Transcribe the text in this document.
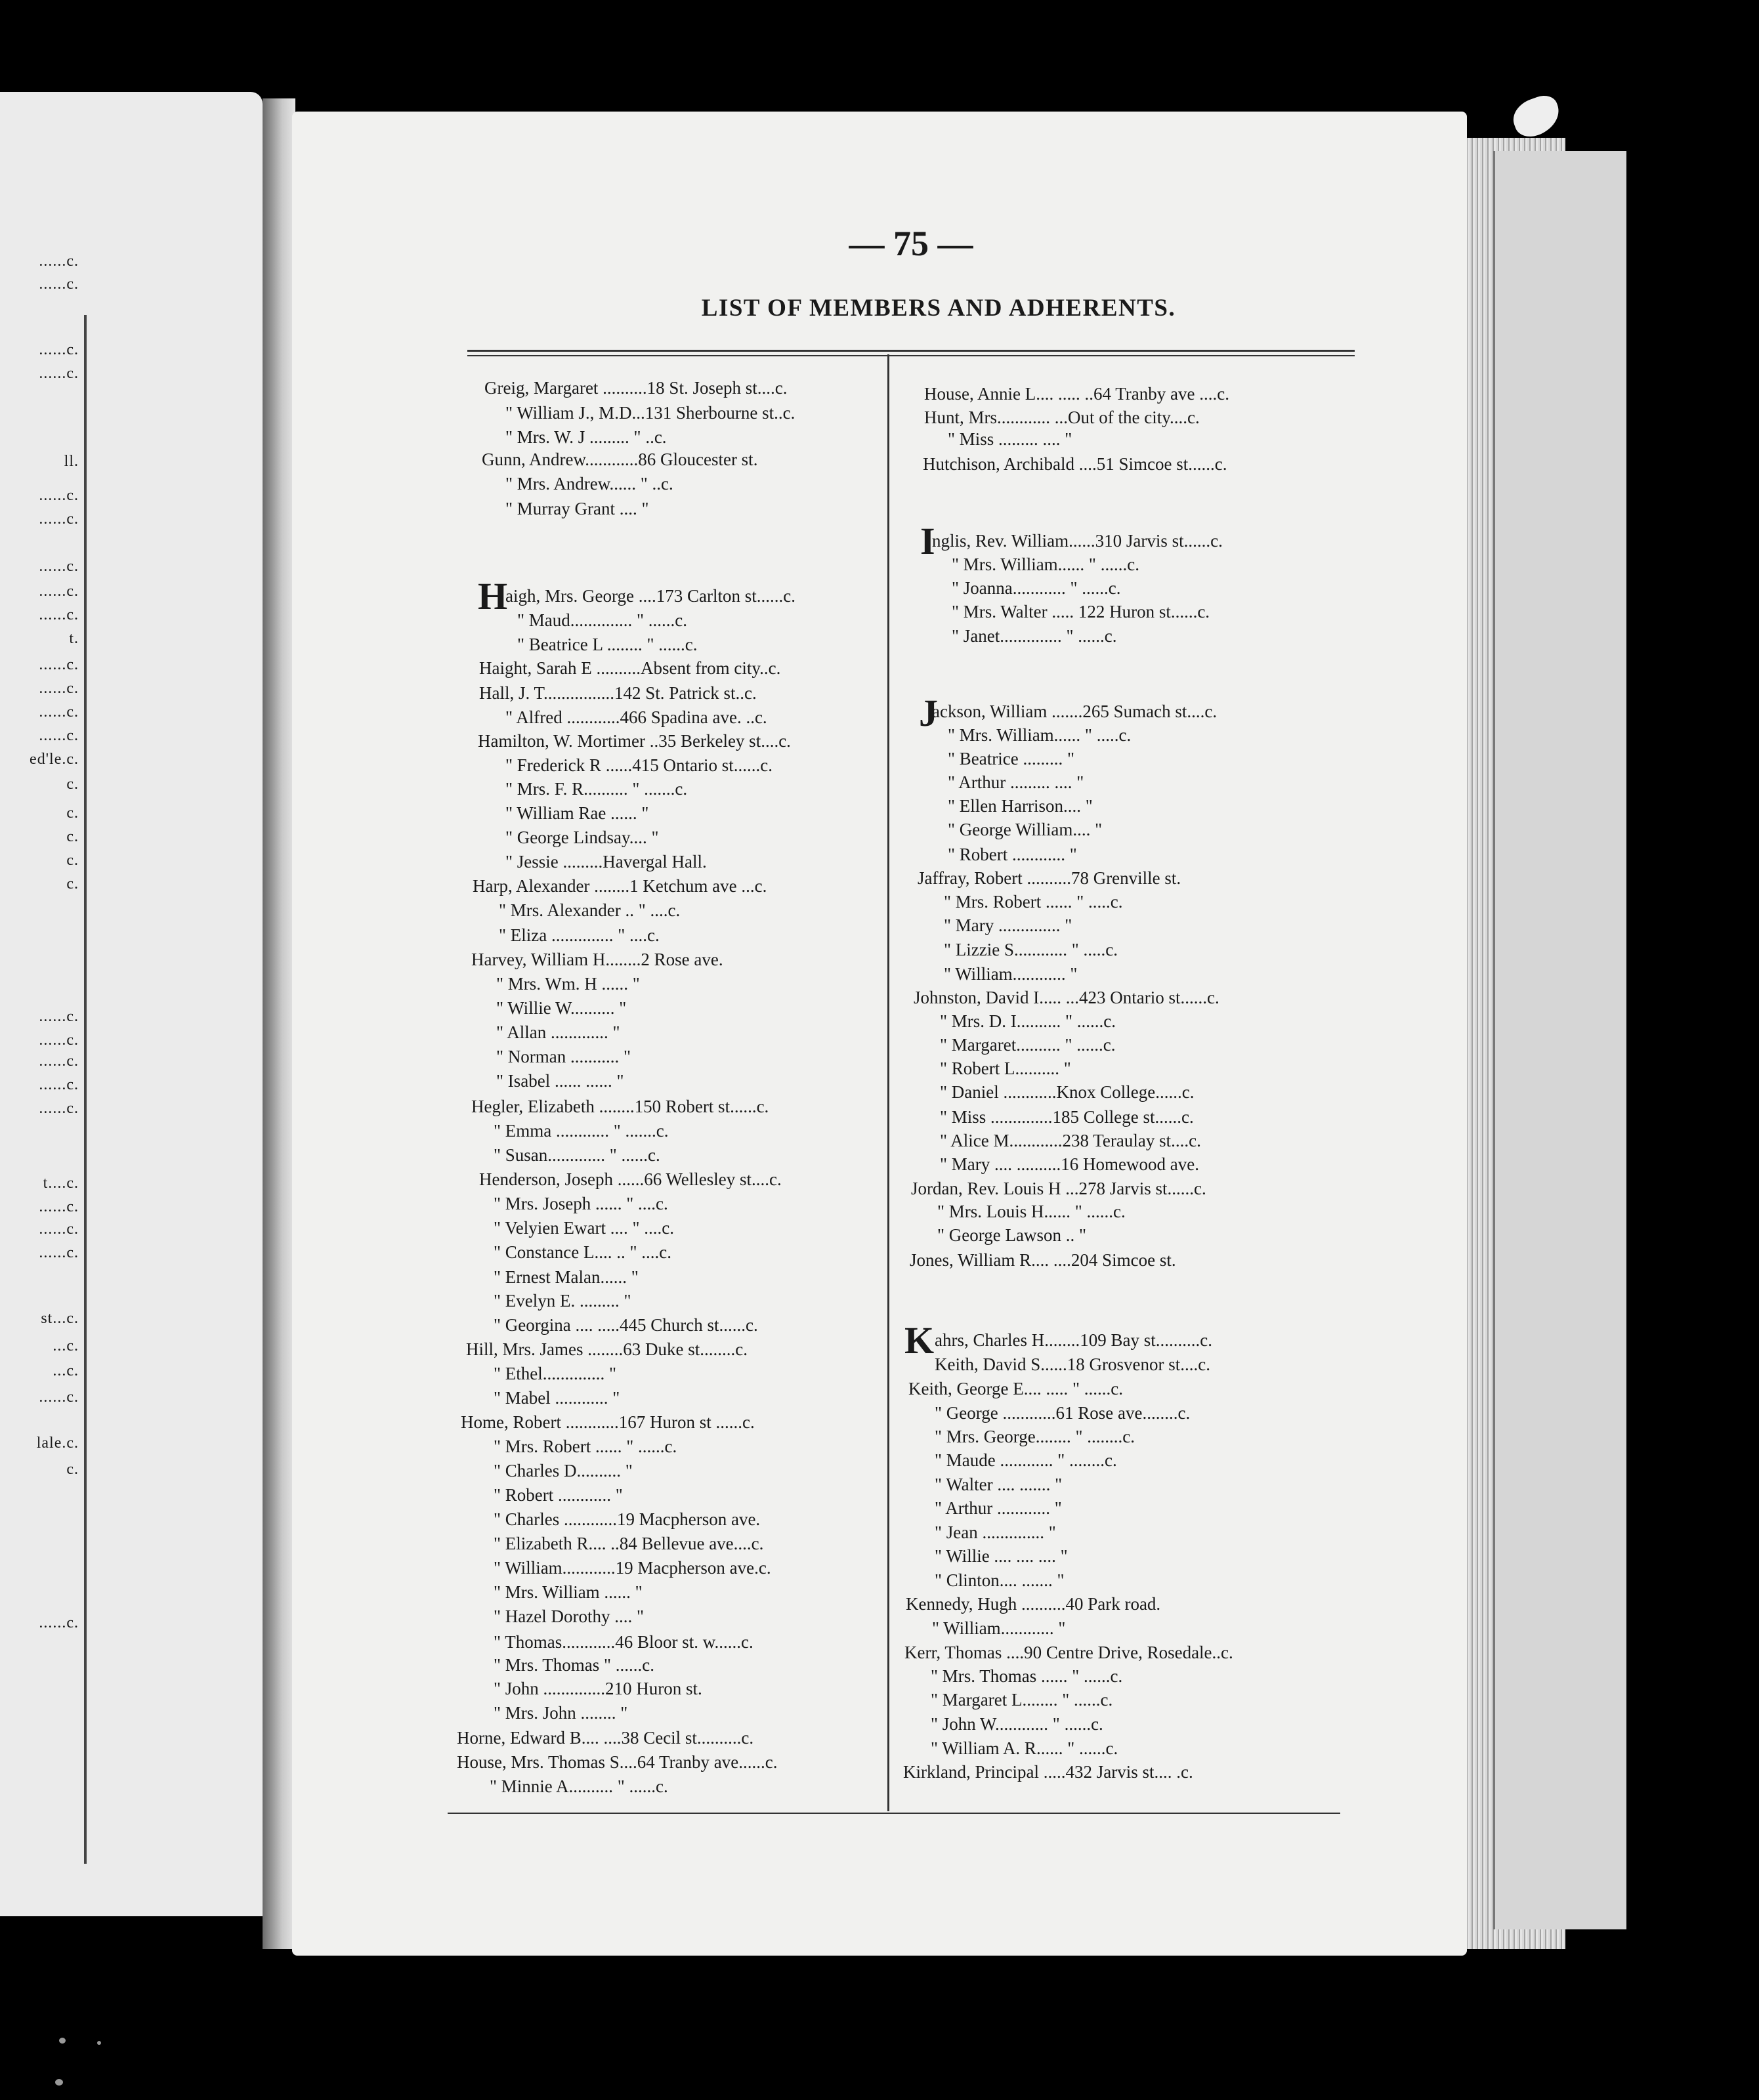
......c.
......c.
......c.
......c.
ll.
......c.
......c.
......c.
......c.
......c.
t.
......c.
......c.
......c.
......c.
ed'le.c.
c.
c.
c.
c.
c.
......c.
......c.
......c.
......c.
......c.
t....c.
......c.
......c.
......c.
st...c.
...c.
...c.
......c.
lale.c.
c.
......c.
— 75 —
LIST OF MEMBERS AND ADHERENTS.
Greig, Margaret ..........18 St. Joseph st....c.
" William J., M.D...131 Sherbourne st..c.
" Mrs. W. J ......... " ..c.
Gunn, Andrew............86 Gloucester st.
" Mrs. Andrew...... " ..c.
" Murray Grant .... "
aigh, Mrs. George ....173 Carlton st......c.
" Maud.............. " ......c.
" Beatrice L ........ " ......c.
Haight, Sarah E ..........Absent from city..c.
Hall, J. T................142 St. Patrick st..c.
" Alfred ............466 Spadina ave. ..c.
Hamilton, W. Mortimer ..35 Berkeley st....c.
" Frederick R ......415 Ontario st......c.
" Mrs. F. R.......... " .......c.
" William Rae ...... "
" George Lindsay.... "
" Jessie .........Havergal Hall.
Harp, Alexander ........1 Ketchum ave ...c.
" Mrs. Alexander .. " ....c.
" Eliza .............. " ....c.
Harvey, William H........2 Rose ave.
" Mrs. Wm. H ...... "
" Willie W.......... "
" Allan ............. "
" Norman ........... "
" Isabel ...... ...... "
Hegler, Elizabeth ........150 Robert st......c.
" Emma ............ " .......c.
" Susan............. " ......c.
Henderson, Joseph ......66 Wellesley st....c.
" Mrs. Joseph ...... " ....c.
" Velyien Ewart .... " ....c.
" Constance L.... .. " ....c.
" Ernest Malan...... "
" Evelyn E. ......... "
" Georgina .... .....445 Church st......c.
Hill, Mrs. James ........63 Duke st........c.
" Ethel.............. "
" Mabel ............ "
Home, Robert ............167 Huron st ......c.
" Mrs. Robert ...... " ......c.
" Charles D.......... "
" Robert ............ "
" Charles ............19 Macpherson ave.
" Elizabeth R.... ..84 Bellevue ave....c.
" William............19 Macpherson ave.c.
" Mrs. William ...... "
" Hazel Dorothy .... "
" Thomas............46 Bloor st. w......c.
" Mrs. Thomas " ......c.
" John ..............210 Huron st.
" Mrs. John ........ "
Horne, Edward B.... ....38 Cecil st..........c.
House, Mrs. Thomas S....64 Tranby ave......c.
" Minnie A.......... " ......c.
H
House, Annie L.... ..... ..64 Tranby ave ....c.
Hunt, Mrs............ ...Out of the city....c.
" Miss ......... .... "
Hutchison, Archibald ....51 Simcoe st......c.
nglis, Rev. William......310 Jarvis st......c.
" Mrs. William...... " ......c.
" Joanna............ " ......c.
" Mrs. Walter ..... 122 Huron st......c.
" Janet.............. " ......c.
ackson, William .......265 Sumach st....c.
" Mrs. William...... " .....c.
" Beatrice ......... "
" Arthur ......... .... "
" Ellen Harrison.... "
" George William.... "
" Robert ............ "
Jaffray, Robert ..........78 Grenville st.
" Mrs. Robert ...... " .....c.
" Mary .............. "
" Lizzie S............ " .....c.
" William............ "
Johnston, David I..... ...423 Ontario st......c.
" Mrs. D. I.......... " ......c.
" Margaret.......... " ......c.
" Robert L.......... "
" Daniel ............Knox College......c.
" Miss ..............185 College st......c.
" Alice M............238 Teraulay st....c.
" Mary .... ..........16 Homewood ave.
Jordan, Rev. Louis H ...278 Jarvis st......c.
" Mrs. Louis H...... " ......c.
" George Lawson .. "
Jones, William R.... ....204 Simcoe st.
ahrs, Charles H........109 Bay st..........c.
Keith, David S......18 Grosvenor st....c.
Keith, George E.... ..... " ......c.
" George ............61 Rose ave........c.
" Mrs. George........ " ........c.
" Maude ............ " ........c.
" Walter .... ....... "
" Arthur ............ "
" Jean .............. "
" Willie .... .... .... "
" Clinton.... ....... "
Kennedy, Hugh ..........40 Park road.
" William............ "
Kerr, Thomas ....90 Centre Drive, Rosedale..c.
" Mrs. Thomas ...... " ......c.
" Margaret L........ " ......c.
" John W............ " ......c.
" William A. R...... " ......c.
Kirkland, Principal .....432 Jarvis st.... .c.
I
J
K
